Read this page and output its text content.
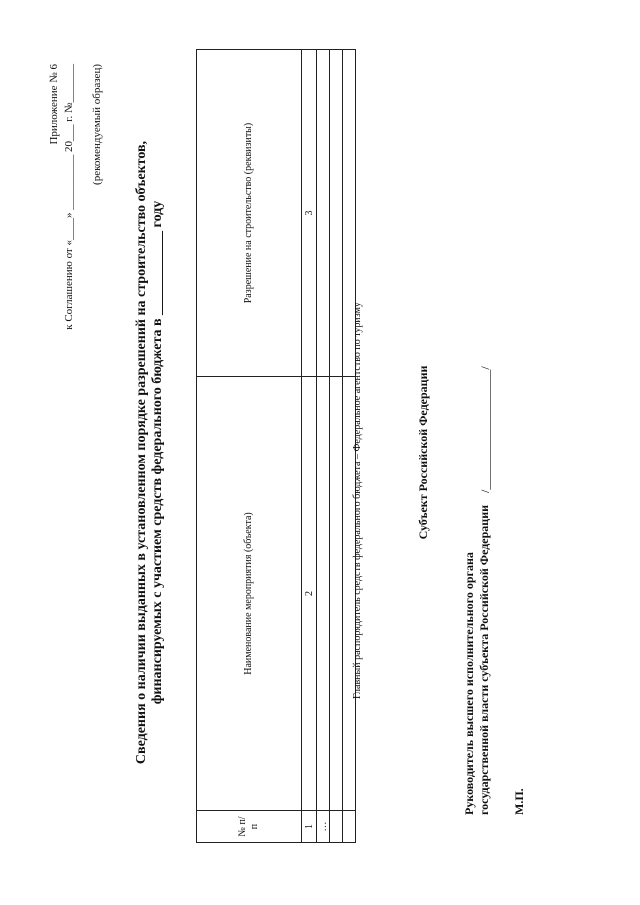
Приложение № 6 к Соглашению от «____» __________ 20___ г. №_______ (рекомендуемый образец)
Сведения о наличии выданных в установленном порядке разрешений на строительство объектов, финансируемых с участием средств федерального бюджета в ____________ году
№ п/п	Наименование мероприятия (объекта)	Разрешение на строительство (реквизиты)
1	2	3
…		

Главный распорядитель средств федерального бюджета – Федеральное агентство по туризму	Субъект Российской Федерации
Руководитель высшего исполнительного органа государственной власти субъекта Российской Федерации
/____________________/
М.П.
